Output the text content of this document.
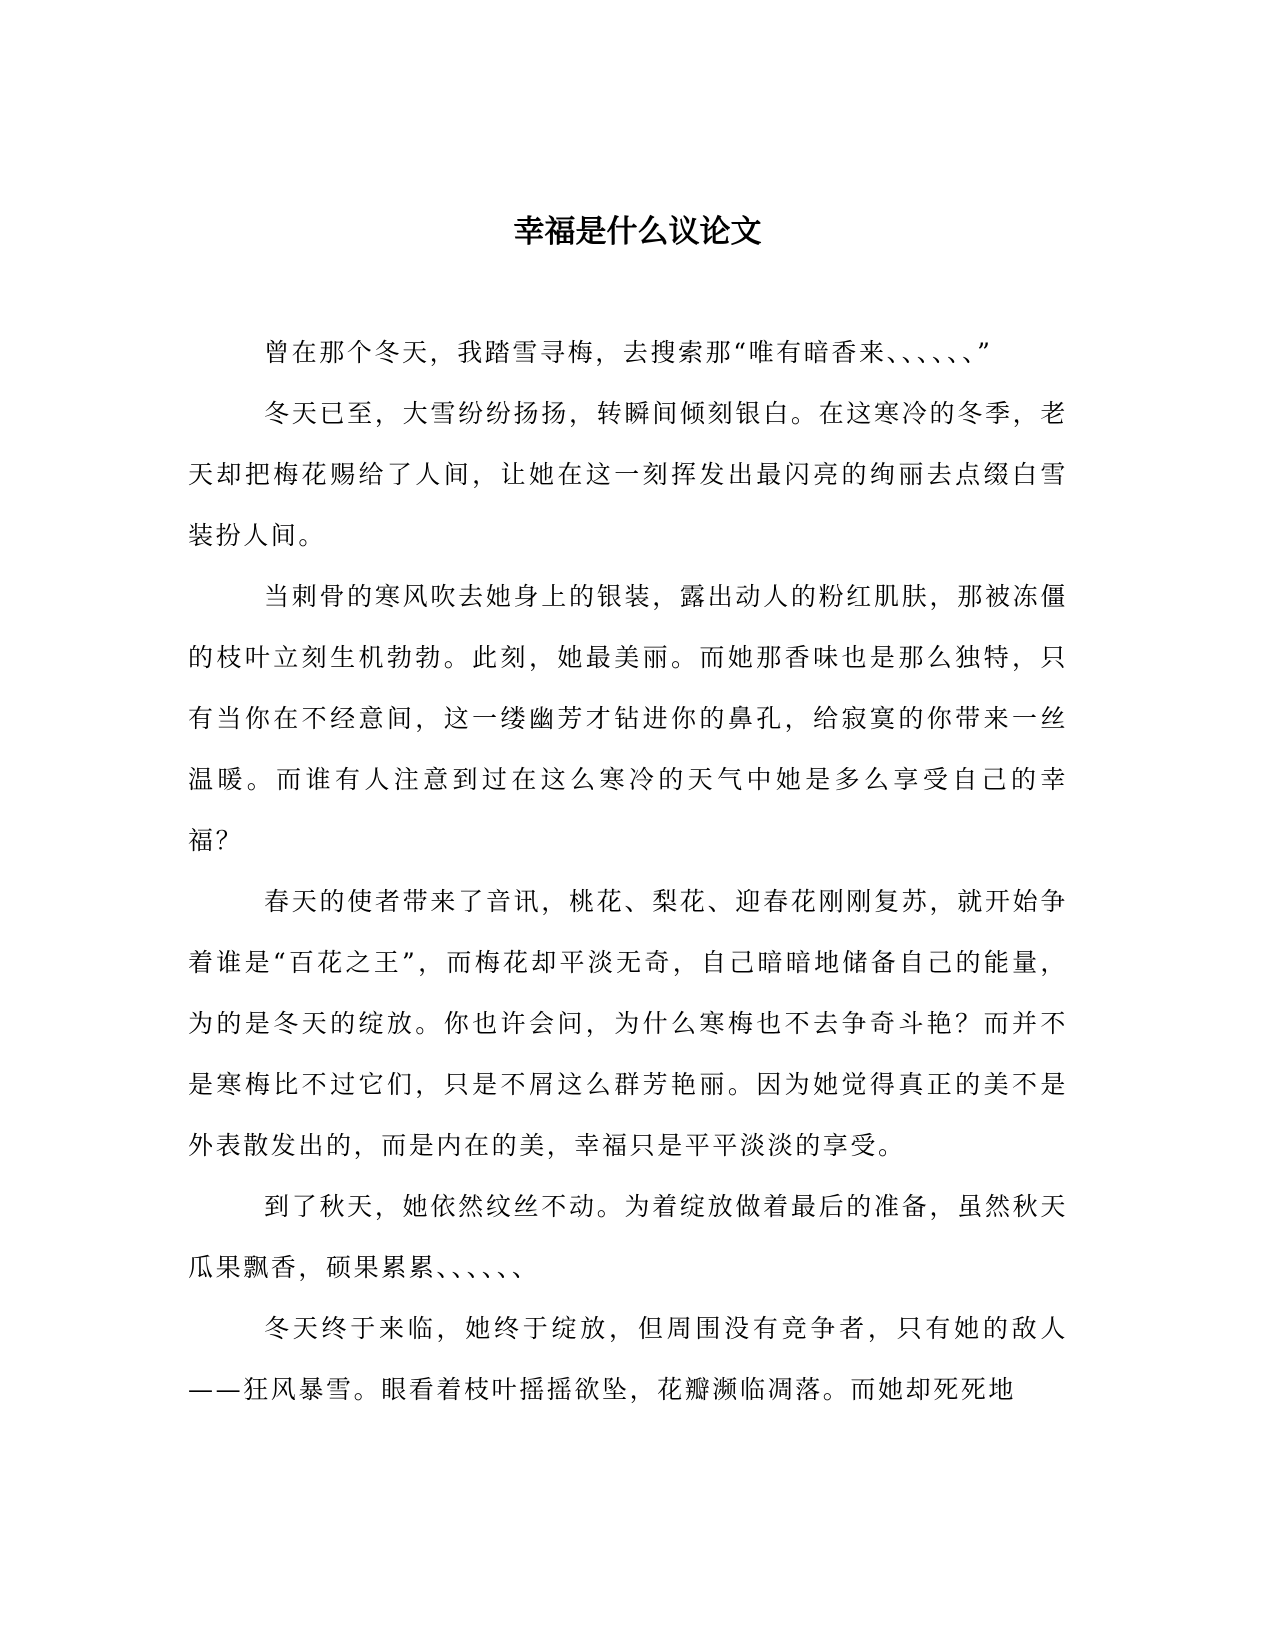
幸福是什么议论文

曾在那个冬天，我踏雪寻梅，去搜索那“唯有暗香来、、、、、、”

冬天已至，大雪纷纷扬扬，转瞬间倾刻银白。在这寒冷的冬季，老天却把梅花赐给了人间，让她在这一刻挥发出最闪亮的绚丽去点缀白雪装扮人间。

当刺骨的寒风吹去她身上的银装，露出动人的粉红肌肤，那被冻僵的枝叶立刻生机勃勃。此刻，她最美丽。而她那香味也是那么独特，只有当你在不经意间，这一缕幽芳才钻进你的鼻孔，给寂寞的你带来一丝温暖。而谁有人注意到过在这么寒冷的天气中她是多么享受自己的幸福？

春天的使者带来了音讯，桃花、梨花、迎春花刚刚复苏，就开始争着谁是“百花之王”，而梅花却平淡无奇，自己暗暗地储备自己的能量，为的是冬天的绽放。你也许会问，为什么寒梅也不去争奇斗艳？而并不是寒梅比不过它们，只是不屑这么群芳艳丽。因为她觉得真正的美不是外表散发出的，而是内在的美，幸福只是平平淡淡的享受。

到了秋天，她依然纹丝不动。为着绽放做着最后的准备，虽然秋天瓜果飘香，硕果累累、、、、、、

冬天终于来临，她终于绽放，但周围没有竞争者，只有她的敌人——狂风暴雪。眼看着枝叶摇摇欲坠，花瓣濒临凋落。而她却死死地
